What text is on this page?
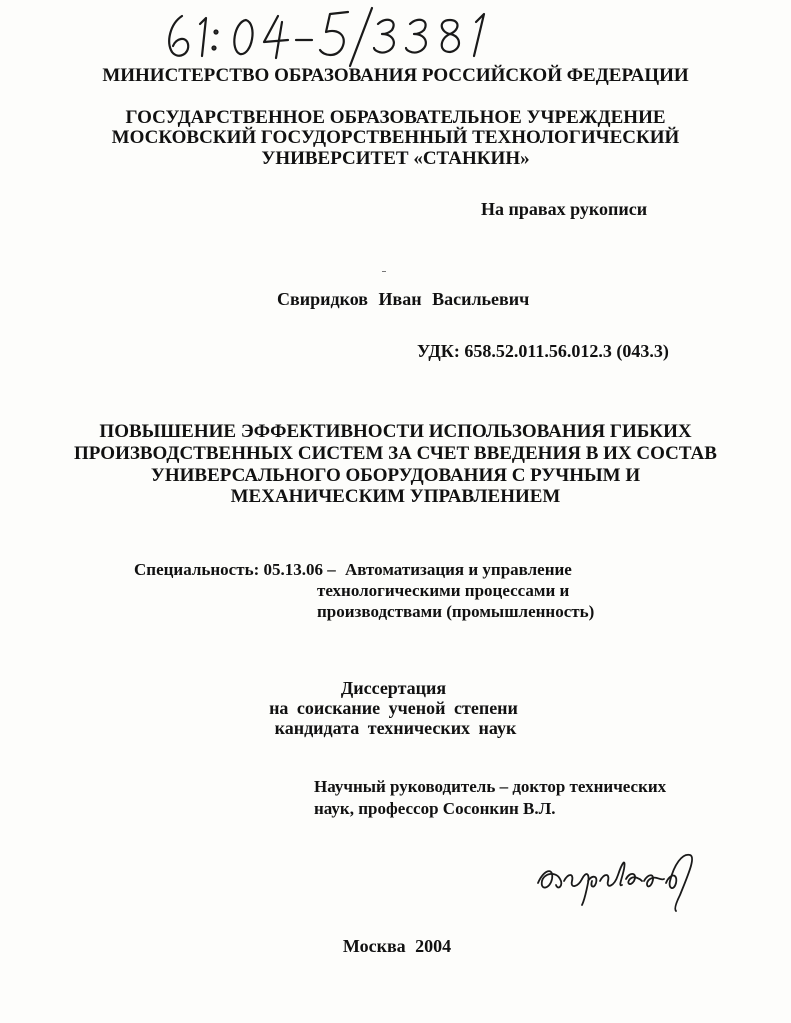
МИНИСТЕРСТВО ОБРАЗОВАНИЯ РОССИЙСКОЙ ФЕДЕРАЦИИ
ГОСУДАРСТВЕННОЕ ОБРАЗОВАТЕЛЬНОЕ УЧРЕЖДЕНИЕ
МОСКОВСКИЙ ГОСУДОРСТВЕННЫЙ ТЕХНОЛОГИЧЕСКИЙ
УНИВЕРСИТЕТ «СТАНКИН»
На правах рукописи
Свиридков Иван Васильевич
УДК: 658.52.011.56.012.3 (043.3)
ПОВЫШЕНИЕ ЭФФЕКТИВНОСТИ ИСПОЛЬЗОВАНИЯ ГИБКИХ
ПРОИЗВОДСТВЕННЫХ СИСТЕМ ЗА СЧЕТ ВВЕДЕНИЯ В ИХ СОСТАВ
УНИВЕРСАЛЬНОГО ОБОРУДОВАНИЯ С РУЧНЫМ И
МЕХАНИЧЕСКИМ УПРАВЛЕНИЕМ
Специальность: 05.13.06 – Автоматизация и управление
технологическими процессами и
производствами (промышленность)
Диссертация
на соискание ученой степени
кандидата технических наук
Научный руководитель – доктор технических
наук, профессор Сосонкин В.Л.
Москва 2004
